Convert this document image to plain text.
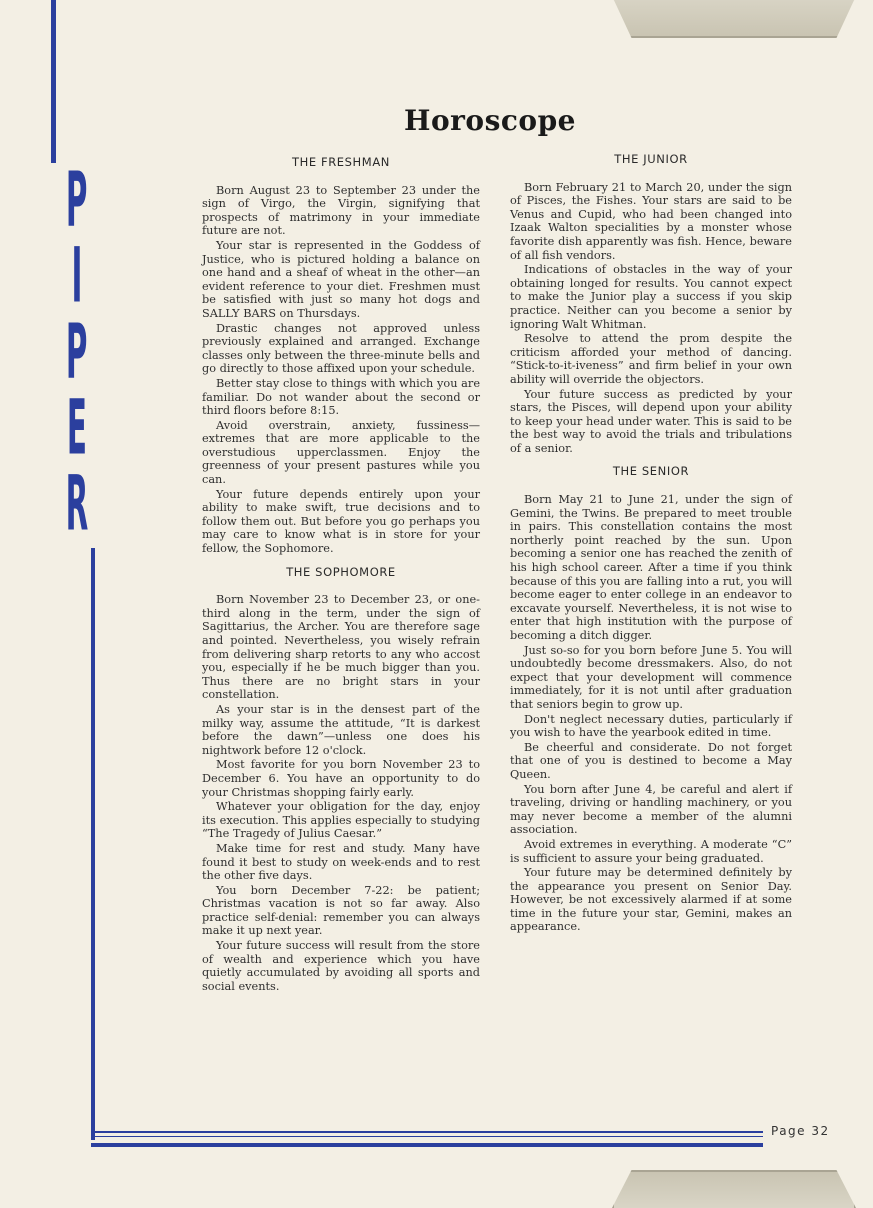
P
I
P
E
R
Horoscope
THE FRESHMAN

Born August 23 to September 23 under the sign of Virgo, the Virgin, signifying that prospects of matrimony in your immediate future are not.

Your star is represented in the Goddess of Justice, who is pictured holding a balance on one hand and a sheaf of wheat in the other—an evident reference to your diet. Freshmen must be satisfied with just so many hot dogs and SALLY BARS on Thursdays.

Drastic changes not approved unless previously explained and arranged. Exchange classes only between the three-minute bells and go directly to those affixed upon your schedule.

Better stay close to things with which you are familiar. Do not wander about the second or third floors before 8:15.

Avoid overstrain, anxiety, fussiness—extremes that are more applicable to the overstudious upperclassmen. Enjoy the greenness of your present pastures while you can.

Your future depends entirely upon your ability to make swift, true decisions and to follow them out. But before you go perhaps you may care to know what is in store for your fellow, the Sophomore.

THE SOPHOMORE

Born November 23 to December 23, or one-third along in the term, under the sign of Sagittarius, the Archer. You are therefore sage and pointed. Nevertheless, you wisely refrain from delivering sharp retorts to any who accost you, especially if he be much bigger than you. Thus there are no bright stars in your constellation.

As your star is in the densest part of the milky way, assume the attitude, “It is darkest before the dawn”—unless one does his nightwork before 12 o'clock.

Most favorite for you born November 23 to December 6. You have an opportunity to do your Christmas shopping fairly early.

Whatever your obligation for the day, enjoy its execution. This applies especially to studying “The Tragedy of Julius Caesar.”

Make time for rest and study. Many have found it best to study on week-ends and to rest the other five days.

You born December 7-22: be patient; Christmas vacation is not so far away. Also practice self-denial: remember you can always make it up next year.

Your future success will result from the store of wealth and experience which you have quietly accumulated by avoiding all sports and social events.

THE JUNIOR

Born February 21 to March 20, under the sign of Pisces, the Fishes. Your stars are said to be Venus and Cupid, who had been changed into Izaak Walton specialities by a monster whose favorite dish apparently was fish. Hence, beware of all fish vendors.

Indications of obstacles in the way of your obtaining longed for results. You cannot expect to make the Junior play a success if you skip practice. Neither can you become a senior by ignoring Walt Whitman.

Resolve to attend the prom despite the criticism afforded your method of dancing. “Stick-to-it-iveness” and firm belief in your own ability will override the objectors.

Your future success as predicted by your stars, the Pisces, will depend upon your ability to keep your head under water. This is said to be the best way to avoid the trials and tribulations of a senior.

THE SENIOR

Born May 21 to June 21, under the sign of Gemini, the Twins. Be prepared to meet trouble in pairs. This constellation contains the most northerly point reached by the sun. Upon becoming a senior one has reached the zenith of his high school career. After a time if you think because of this you are falling into a rut, you will become eager to enter college in an endeavor to excavate yourself. Nevertheless, it is not wise to enter that high institution with the purpose of becoming a ditch digger.

Just so-so for you born before June 5. You will undoubtedly become dressmakers. Also, do not expect that your development will commence immediately, for it is not until after graduation that seniors begin to grow up.

Don't neglect necessary duties, particularly if you wish to have the yearbook edited in time.

Be cheerful and considerate. Do not forget that one of you is destined to become a May Queen.

You born after June 4, be careful and alert if traveling, driving or handling machinery, or you may never become a member of the alumni association.

Avoid extremes in everything. A moderate “C” is sufficient to assure your being graduated.

Your future may be determined definitely by the appearance you present on Senior Day. However, be not excessively alarmed if at some time in the future your star, Gemini, makes an appearance.

Page 32
